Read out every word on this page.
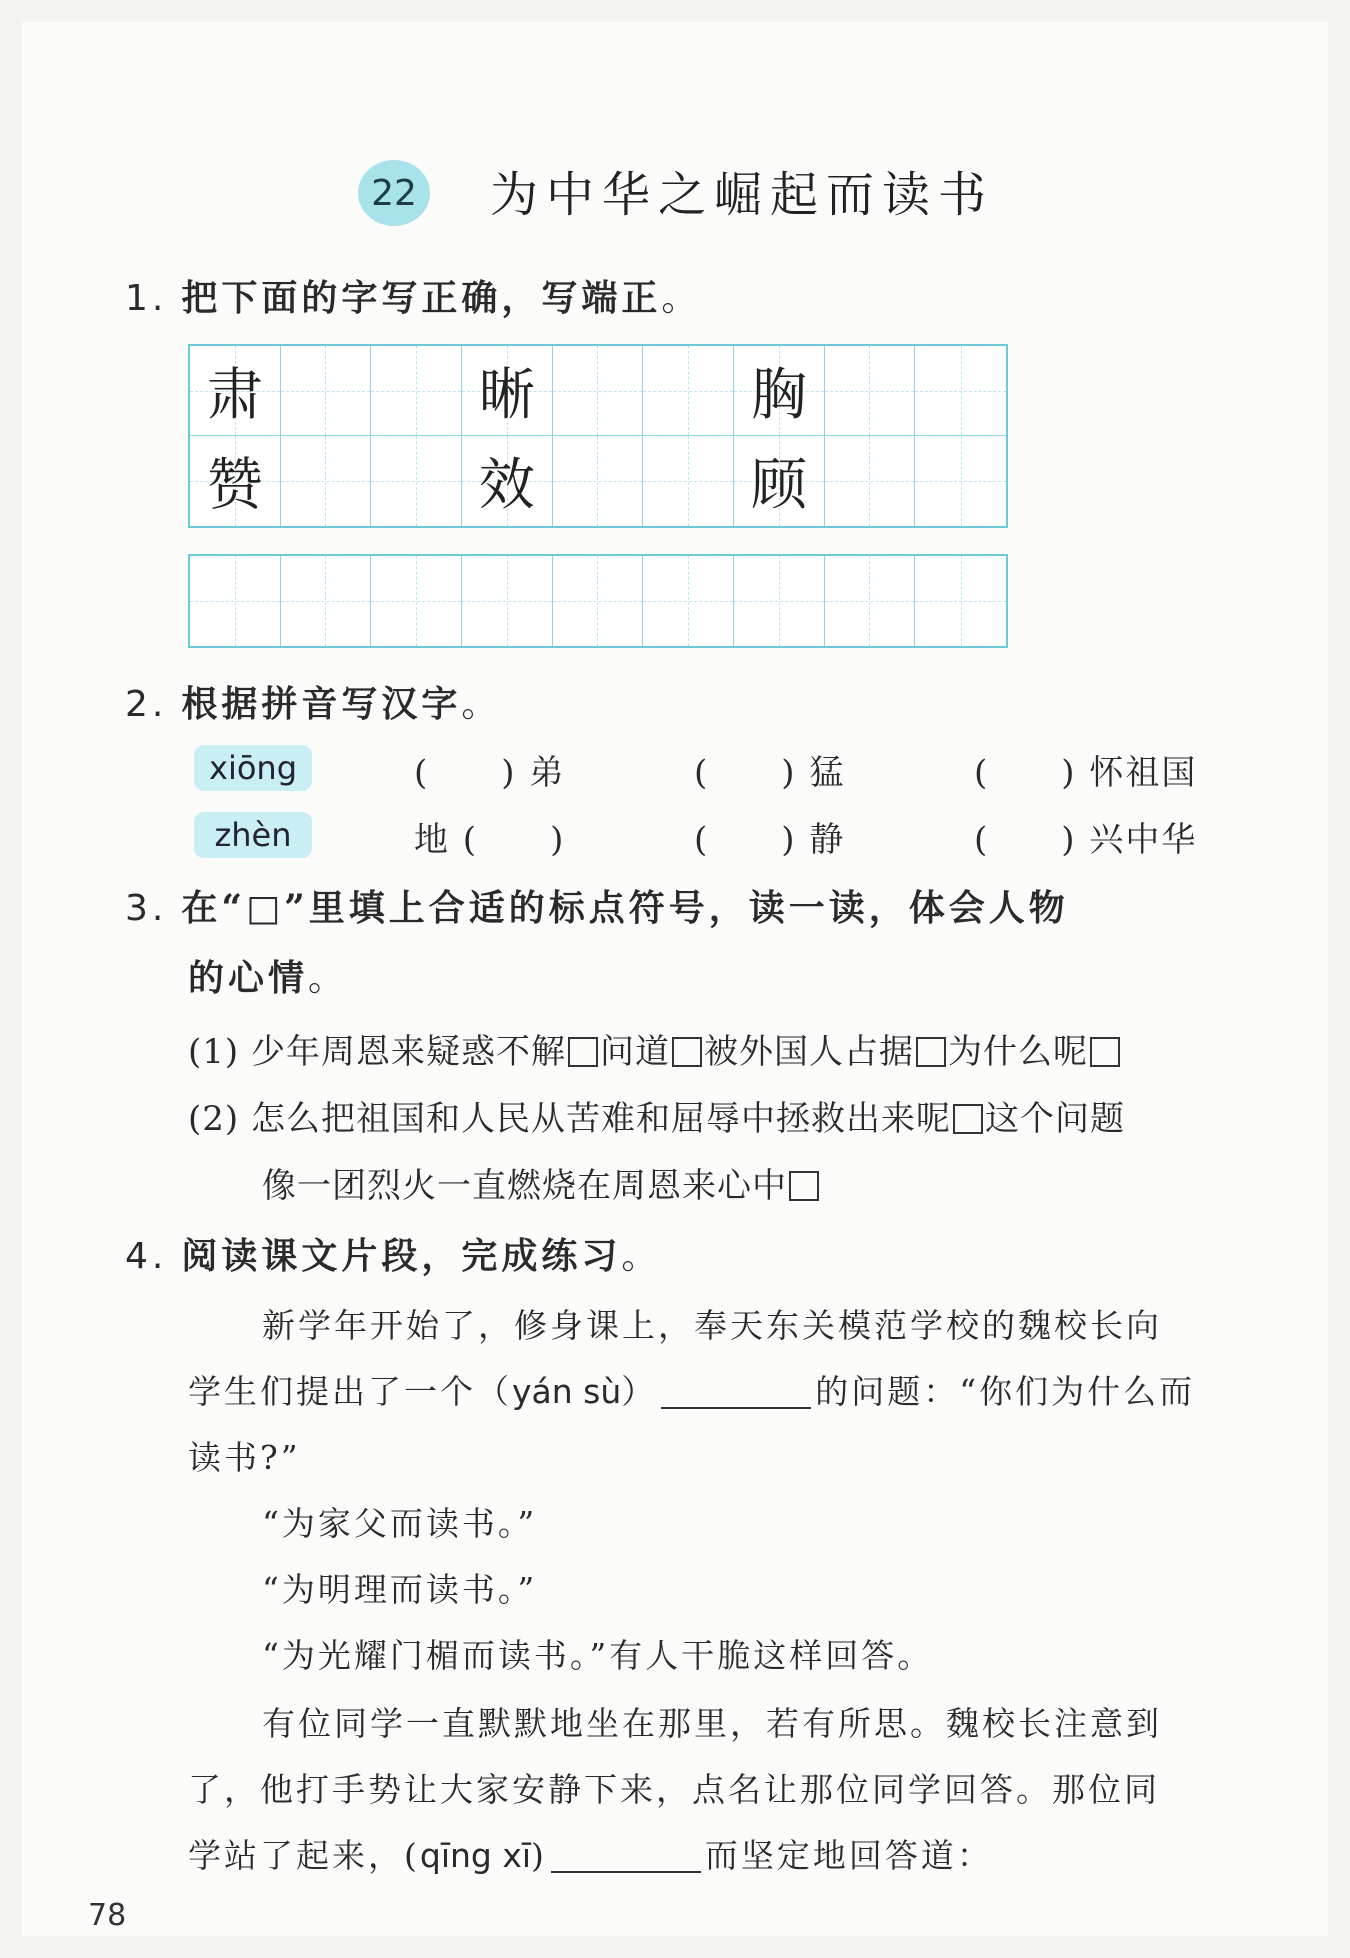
22 为中华之崛起而读书
1. 把下面的字写正确，写端正。
肃	晰	胸
赞	效	顾
2. 根据拼音写汉字。
xiōng	(　　) 弟	(　　) 猛	(　　) 怀祖国
zhèn	地 (　　)	(　　) 静	(　　) 兴中华
3. 在“□”里填上合适的标点符号，读一读，体会人物
的心情。
(1) 少年周恩来疑惑不解 问道 被外国人占据 为什么呢
(2) 怎么把祖国和人民从苦难和屈辱中拯救出来呢 这个问题
像一团烈火一直燃烧在周恩来心中
4. 阅读课文片段，完成练习。
新学年开始了，修身课上，奉天东关模范学校的魏校长向
学生们提出了一个（yán sù）	的问题：“你们为什么而
读书?”
“为家父而读书。”
“为明理而读书。”
“为光耀门楣而读书。”有人干脆这样回答。
有位同学一直默默地坐在那里，若有所思。魏校长注意到
了，他打手势让大家安静下来，点名让那位同学回答。那位同
学站了起来，(qīng xī)	而坚定地回答道：
78
